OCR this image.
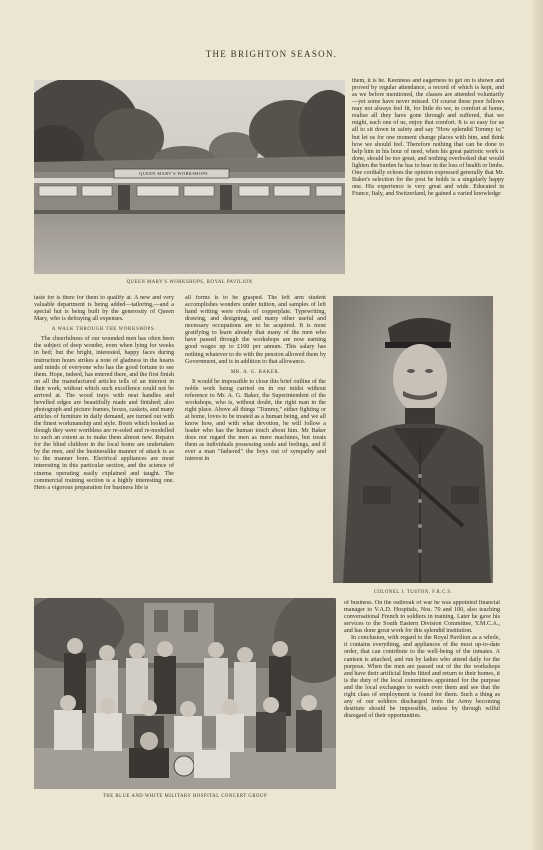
THE BRIGHTON SEASON.
QUEEN MARY'S WORKSHOPS
QUEEN MARY'S WORKSHOPS, ROYAL PAVILION

them, it is he. Keenness and eagerness to get on is shown and proved by regular attendance, a record of which is kept, and as we before mentioned, the classes are attended voluntarily—yet some have never missed. Of course these poor fellows may not always feel fit, for little do we, in comfort at home, realise all they have gone through and suffered, that we might, each one of us, enjoy that comfort. It is so easy for us all to sit down in safety and say "How splendid Tommy is;" but let us for one moment change places with him, and think how we should feel. Therefore nothing that can be done to help him in his hour of need, when his great patriotic work is done, should be too great, and nothing overlooked that would lighten the burden he has to bear in the loss of health or limbs. One cordially echoes the opinion expressed generally that Mr. Baker's selection for the post he holds is a singularly happy one. His experience is very great and wide. Educated in France, Italy, and Switzerland, he gained a varied knowledge

taste for is there for them to qualify at. A new and very valuable department is being added—tailoring,—and a special hut is being built by the generosity of Queen Mary, who is defraying all expenses.

A WALK THROUGH THE WORKSHOPS.

The cheerfulness of our wounded men has often been the subject of deep wonder, even when lying for weeks in bed; but the bright, interested, happy faces during instruction hours strikes a note of gladness in the hearts and minds of everyone who has the good fortune to see them. Hope, indeed, has entered there, and the first finish on all the manufactured articles tells of an interest in their work, without which such excellence could not be arrived at. The wood trays with neat handles and bevelled edges are beautifully made and finished; also photograph and picture frames, boxes, caskets, and many articles of furniture in daily demand, are turned out with the finest workmanship and style. Boots which looked as though they were worthless are re-soled and re-modelled to such an extent as to make them almost new. Repairs for the blind children in the local home are undertaken by the men, and the businesslike manner of attack is as to the manner born. Electrical appliances are most interesting in this particular section, and the science of cinema operating easily explained and taught. The commercial training section is a highly interesting one. Here a vigorous preparation for business life is

all forms is to be grasped. The left arm student accomplishes wonders under tuition, and samples of left hand writing were rivals of copperplate. Typewriting, drawing, and designing, and many other useful and necessary occupations are to be acquired. It is most gratifying to learn already that many of the men who have passed through the workshops are now earning good wages up to £160 per annum. This salary has nothing whatever to do with the pension allowed them by Government, and is in addition to that allowance.

MR. A. G. BAKER.

It would be impossible to close this brief outline of the noble work being carried on in our midst without reference to Mr. A. G. Baker, the Superintendent of the workshops, who is, without doubt, the right man in the right place. Above all things "Tommy," either fighting or at home, loves to be treated as a human being, and we all know how, and with what devotion, he will follow a leader who has the human touch about him. Mr Baker does not regard the men as mere machines, but treats them as individuals possessing souls and feelings, and if ever a man "fathered" the boys out of sympathy and interest in

COLONEL J. TUSTON, F.R.C.S.
THE BLUE AND WHITE MILITARY HOSPITAL CONCERT GROUP

of business. On the outbreak of war he was appointed financial manager to V.A.D. Hospitals, Nos. 70 and 100, also teaching conversational French to soldiers in training. Later he gave his services to the South Eastern Division Committee, Y.M.C.A., and has done great work for this splendid institution.

In conclusion, with regard to the Royal Pavilion as a whole, it contains everything, and appliances of the most up-to-date order, that can contribute to the well-being of the inmates. A canteen is attached, and run by ladies who attend daily for the purpose. When the men are passed out of the the workshops and have their artificial limbs fitted and return to their homes, it is the duty of the local committees appointed for the purpose and the local exchanges to watch over them and see that the right class of employment is found for them. Such a thing as any of our soldiers discharged from the Army becoming destitute should be impossible, unless by through wilful disregard of their opportunities.
